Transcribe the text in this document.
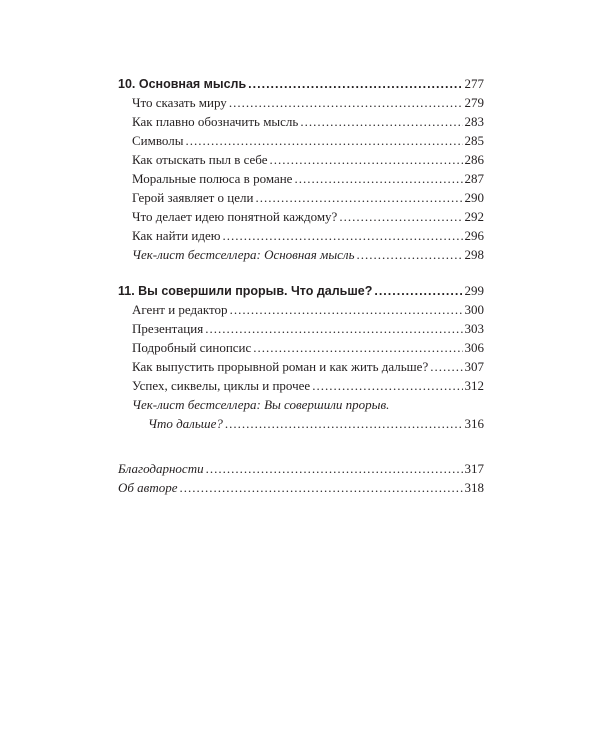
10. Основная мысль .....	277
Что сказать миру .....	279
Как плавно обозначить мысль .....	283
Символы .....	285
Как отыскать пыл в себе .....	286
Моральные полюса в романе .....	287
Герой заявляет о цели .....	290
Что делает идею понятной каждому? .....	292
Как найти идею .....	296
Чек-лист бестселлера: Основная мысль .....	298
11. Вы совершили прорыв. Что дальше? .....	299
Агент и редактор .....	300
Презентация .....	303
Подробный синопсис .....	306
Как выпустить прорывной роман и как жить дальше? .....	307
Успех, сиквелы, циклы и прочее .....	312
Чек-лист бестселлера: Вы совершили прорыв.
Что дальше? .....	316
Благодарности .....	317
Об авторе .....	318
